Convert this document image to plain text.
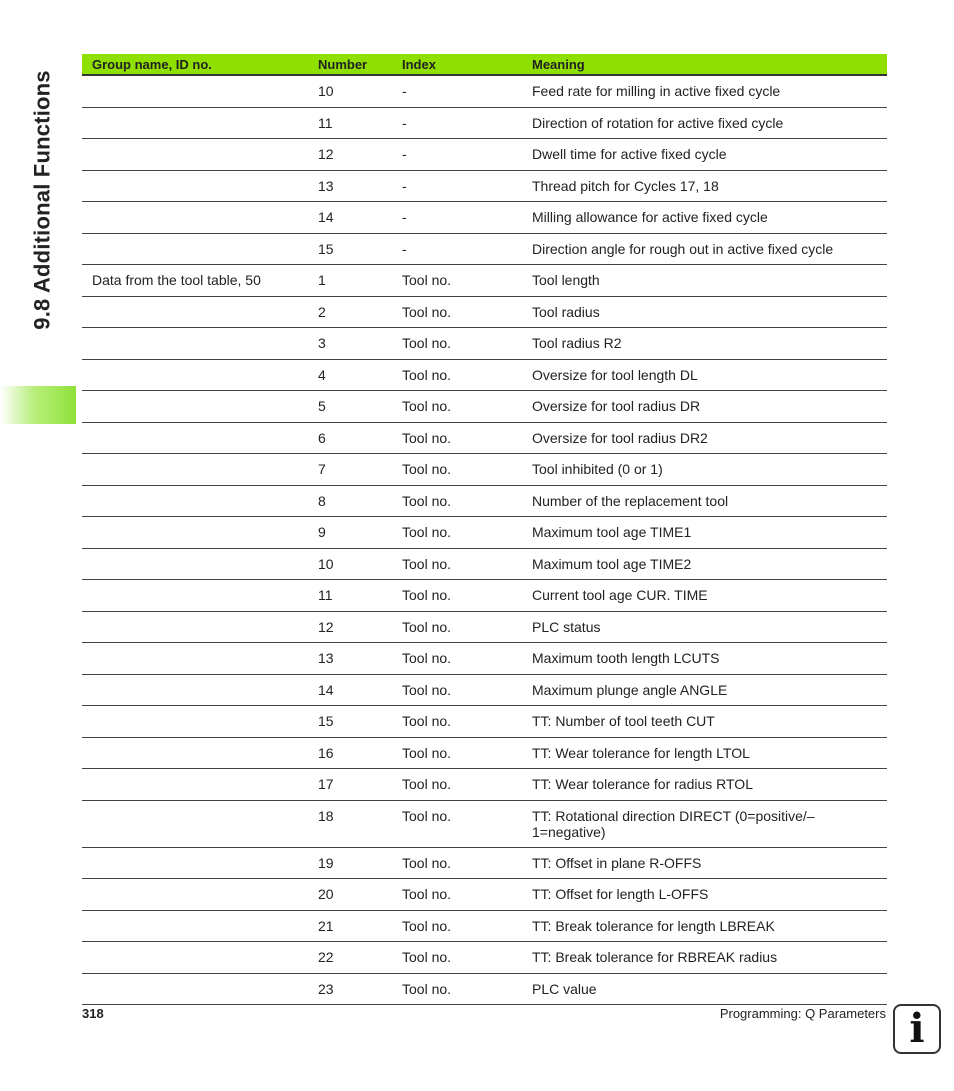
9.8 Additional Functions
Group name, ID no.	Number	Index	Meaning
	10	-	Feed rate for milling in active fixed cycle
	11	-	Direction of rotation for active fixed cycle
	12	-	Dwell time for active fixed cycle
	13	-	Thread pitch for Cycles 17, 18
	14	-	Milling allowance for active fixed cycle
	15	-	Direction angle for rough out in active fixed cycle
Data from the tool table, 50	1	Tool no.	Tool length
	2	Tool no.	Tool radius
	3	Tool no.	Tool radius R2
	4	Tool no.	Oversize for tool length DL
	5	Tool no.	Oversize for tool radius DR
	6	Tool no.	Oversize for tool radius DR2
	7	Tool no.	Tool inhibited (0 or 1)
	8	Tool no.	Number of the replacement tool
	9	Tool no.	Maximum tool age TIME1
	10	Tool no.	Maximum tool age TIME2
	11	Tool no.	Current tool age CUR. TIME
	12	Tool no.	PLC status
	13	Tool no.	Maximum tooth length LCUTS
	14	Tool no.	Maximum plunge angle ANGLE
	15	Tool no.	TT: Number of tool teeth CUT
	16	Tool no.	TT: Wear tolerance for length LTOL
	17	Tool no.	TT: Wear tolerance for radius RTOL
	18	Tool no.	TT: Rotational direction DIRECT (0=positive/–1=negative)
	19	Tool no.	TT: Offset in plane R-OFFS
	20	Tool no.	TT: Offset for length L-OFFS
	21	Tool no.	TT: Break tolerance for length LBREAK
	22	Tool no.	TT: Break tolerance for RBREAK radius
	23	Tool no.	PLC value
318	Programming: Q Parameters i
